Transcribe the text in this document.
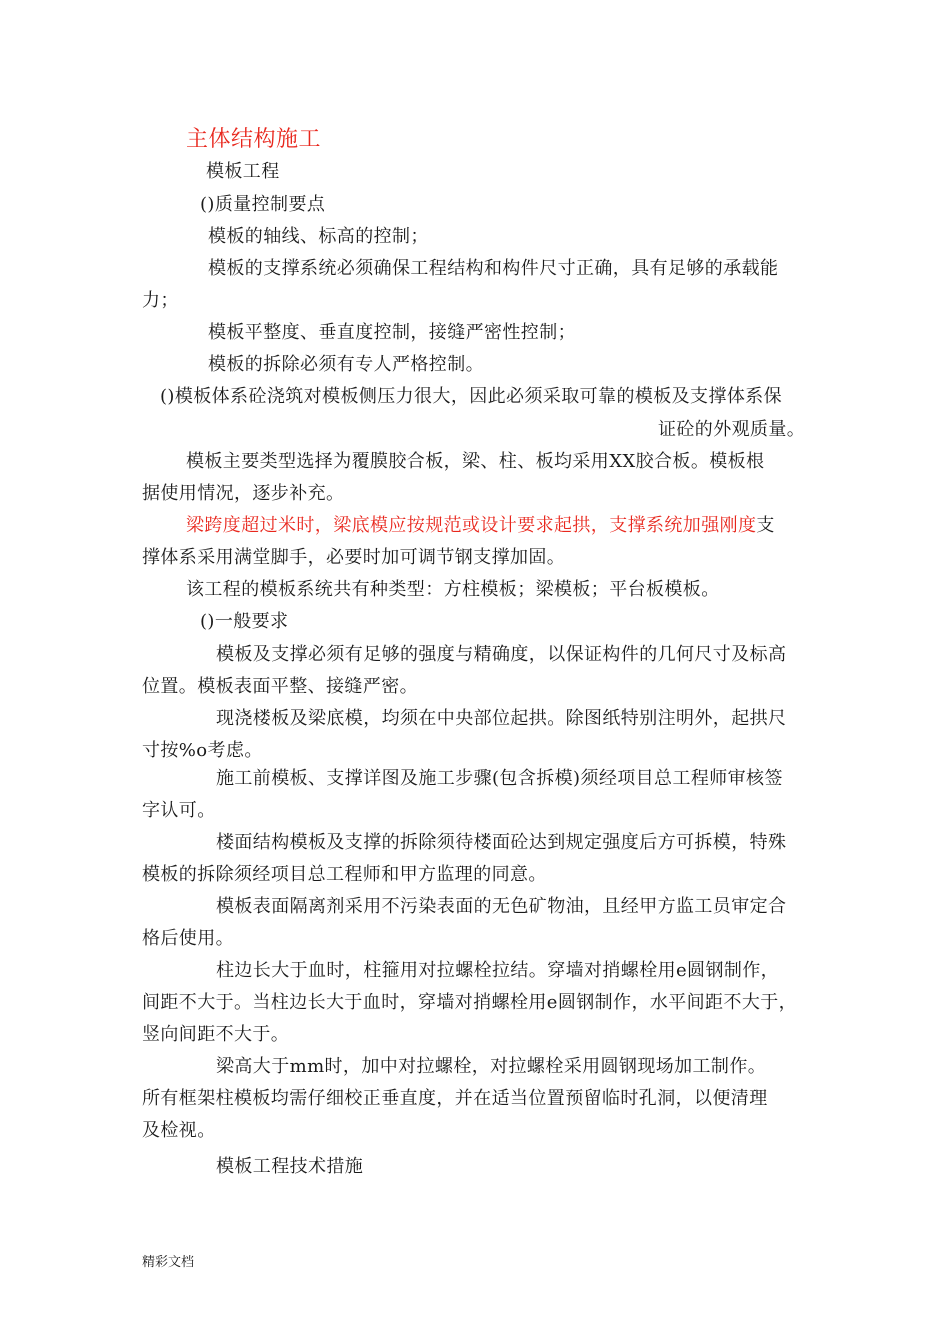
主体结构施工

模板工程

()质量控制要点

模板的轴线、标高的控制；

模板的支撑系统必须确保工程结构和构件尺寸正确，具有足够的承载能

力；

模板平整度、垂直度控制，接缝严密性控制；

模板的拆除必须有专人严格控制。

()模板体系砼浇筑对模板侧压力很大，因此必须采取可靠的模板及支撑体系保

证砼的外观质量。

模板主要类型选择为覆膜胶合板，梁、柱、板均采用XX胶合板。模板根

据使用情况，逐步补充。

梁跨度超过米时，梁底模应按规范或设计要求起拱，支撑系统加强刚度支

撑体系采用满堂脚手，必要时加可调节钢支撑加固。

该工程的模板系统共有种类型：方柱模板；梁模板；平台板模板。

()一般要求

模板及支撑必须有足够的强度与精确度，以保证构件的几何尺寸及标高

位置。模板表面平整、接缝严密。

现浇楼板及梁底模，均须在中央部位起拱。除图纸特别注明外，起拱尺

寸按%o考虑。

施工前模板、支撑详图及施工步骤(包含拆模)须经项目总工程师审核签

字认可。

楼面结构模板及支撑的拆除须待楼面砼达到规定强度后方可拆模，特殊

模板的拆除须经项目总工程师和甲方监理的同意。

模板表面隔离剂采用不污染表面的无色矿物油，且经甲方监工员审定合

格后使用。

柱边长大于血时，柱箍用对拉螺栓拉结。穿墙对捎螺栓用e圆钢制作，

间距不大于。当柱边长大于血时，穿墙对捎螺栓用e圆钢制作，水平间距不大于，

竖向间距不大于。

梁高大于mm时，加中对拉螺栓，对拉螺栓采用圆钢现场加工制作。

所有框架柱模板均需仔细校正垂直度，并在适当位置预留临时孔洞，以便清理

及检视。

模板工程技术措施

精彩文档
